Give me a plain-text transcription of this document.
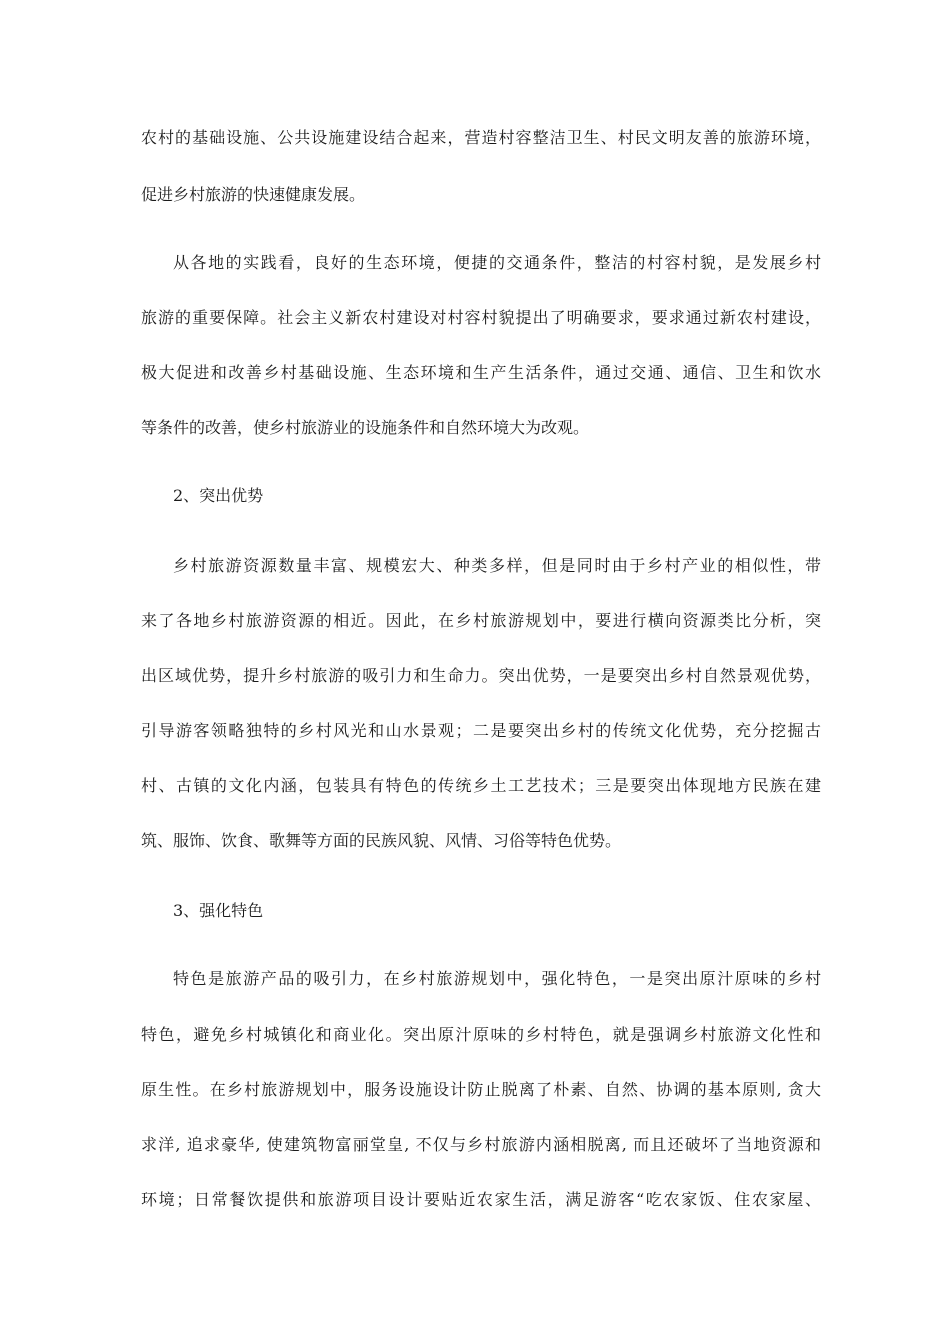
农村的基础设施、公共设施建设结合起来，营造村容整洁卫生、村民文明友善的旅游环境，
促进乡村旅游的快速健康发展。
从各地的实践看，良好的生态环境，便捷的交通条件，整洁的村容村貌，是发展乡村
旅游的重要保障。社会主义新农村建设对村容村貌提出了明确要求，要求通过新农村建设，
极大促进和改善乡村基础设施、生态环境和生产生活条件，通过交通、通信、卫生和饮水
等条件的改善，使乡村旅游业的设施条件和自然环境大为改观。
2、突出优势
乡村旅游资源数量丰富、规模宏大、种类多样，但是同时由于乡村产业的相似性，带
来了各地乡村旅游资源的相近。因此，在乡村旅游规划中，要进行横向资源类比分析，突
出区域优势，提升乡村旅游的吸引力和生命力。突出优势，一是要突出乡村自然景观优势，
引导游客领略独特的乡村风光和山水景观；二是要突出乡村的传统文化优势，充分挖掘古
村、古镇的文化内涵，包装具有特色的传统乡土工艺技术；三是要突出体现地方民族在建
筑、服饰、饮食、歌舞等方面的民族风貌、风情、习俗等特色优势。
3、强化特色
特色是旅游产品的吸引力，在乡村旅游规划中，强化特色，一是突出原汁原味的乡村
特色，避免乡村城镇化和商业化。突出原汁原味的乡村特色，就是强调乡村旅游文化性和
原生性。在乡村旅游规划中，服务设施设计防止脱离了朴素、自然、协调的基本原则, 贪大
求洋, 追求豪华, 使建筑物富丽堂皇, 不仅与乡村旅游内涵相脱离, 而且还破坏了当地资源和
环境；日常餐饮提供和旅游项目设计要贴近农家生活，满足游客“吃农家饭、住农家屋、
